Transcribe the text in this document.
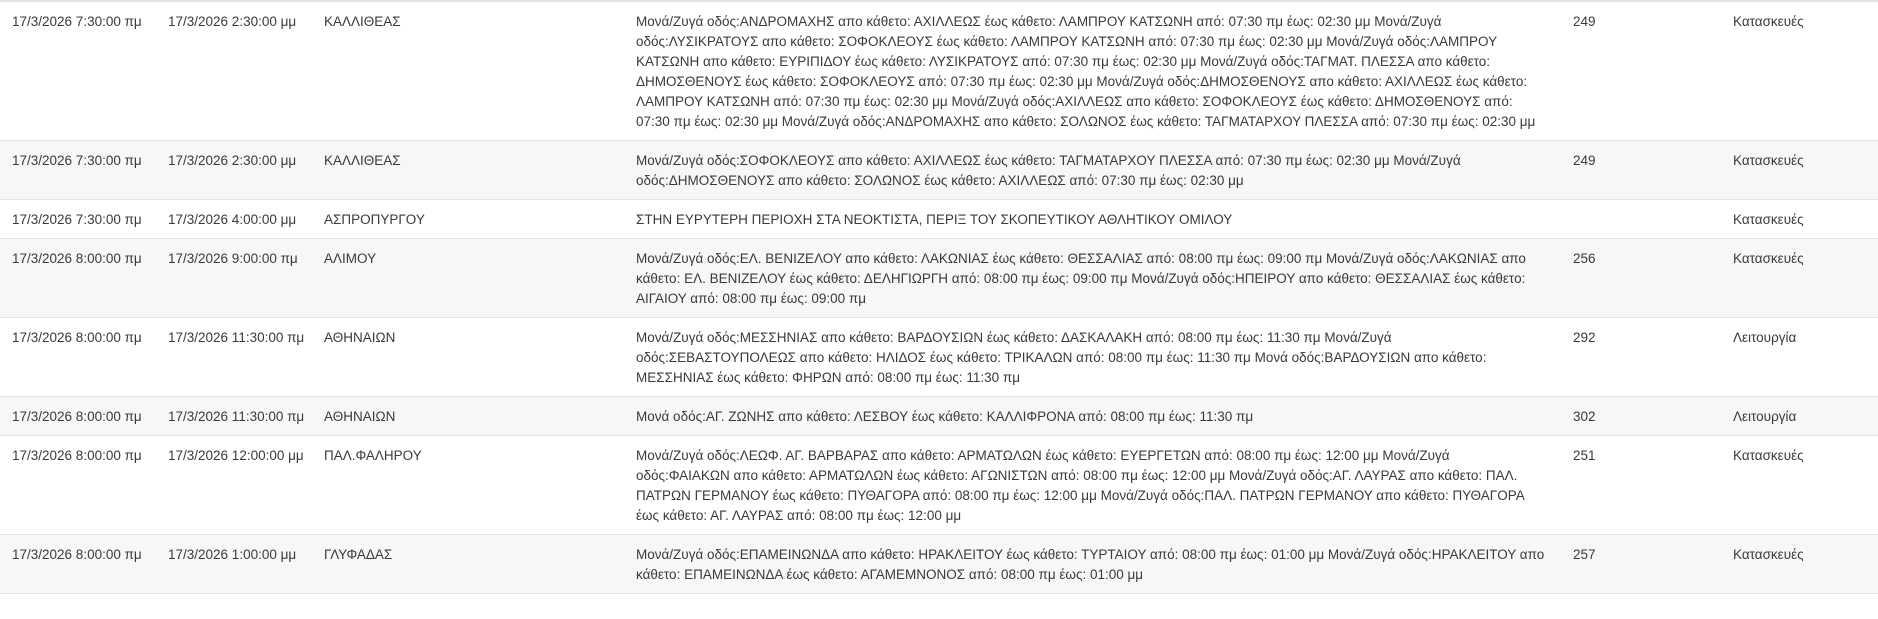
17/3/2026 7:30:00 πμ	17/3/2026 2:30:00 μμ	ΚΑΛΛΙΘΕΑΣ	Μονά/Ζυγά οδός:ΑΝΔΡΟΜΑΧΗΣ απο κάθετο: ΑΧΙΛΛΕΩΣ έως κάθετο: ΛΑΜΠΡΟΥ ΚΑΤΣΩΝΗ από: 07:30 πμ έως: 02:30 μμ Μονά/Ζυγά οδός:ΛΥΣΙΚΡΑΤΟΥΣ απο κάθετο: ΣΟΦΟΚΛΕΟΥΣ έως κάθετο: ΛΑΜΠΡΟΥ ΚΑΤΣΩΝΗ από: 07:30 πμ έως: 02:30 μμ Μονά/Ζυγά οδός:ΛΑΜΠΡΟΥ ΚΑΤΣΩΝΗ απο κάθετο: ΕΥΡΙΠΙΔΟΥ έως κάθετο: ΛΥΣΙΚΡΑΤΟΥΣ από: 07:30 πμ έως: 02:30 μμ Μονά/Ζυγά οδός:ΤΑΓΜΑΤ. ΠΛΕΣΣΑ απο κάθετο: ΔΗΜΟΣΘΕΝΟΥΣ έως κάθετο: ΣΟΦΟΚΛΕΟΥΣ από: 07:30 πμ έως: 02:30 μμ Μονά/Ζυγά οδός:ΔΗΜΟΣΘΕΝΟΥΣ απο κάθετο: ΑΧΙΛΛΕΩΣ έως κάθετο: ΛΑΜΠΡΟΥ ΚΑΤΣΩΝΗ από: 07:30 πμ έως: 02:30 μμ Μονά/Ζυγά οδός:ΑΧΙΛΛΕΩΣ απο κάθετο: ΣΟΦΟΚΛΕΟΥΣ έως κάθετο: ΔΗΜΟΣΘΕΝΟΥΣ από: 07:30 πμ έως: 02:30 μμ Μονά/Ζυγά οδός:ΑΝΔΡΟΜΑΧΗΣ απο κάθετο: ΣΟΛΩΝΟΣ έως κάθετο: ΤΑΓΜΑΤΑΡΧΟΥ ΠΛΕΣΣΑ από: 07:30 πμ έως: 02:30 μμ	249	Κατασκευές
17/3/2026 7:30:00 πμ	17/3/2026 2:30:00 μμ	ΚΑΛΛΙΘΕΑΣ	Μονά/Ζυγά οδός:ΣΟΦΟΚΛΕΟΥΣ απο κάθετο: ΑΧΙΛΛΕΩΣ έως κάθετο: ΤΑΓΜΑΤΑΡΧΟΥ ΠΛΕΣΣΑ από: 07:30 πμ έως: 02:30 μμ Μονά/Ζυγά οδός:ΔΗΜΟΣΘΕΝΟΥΣ απο κάθετο: ΣΟΛΩΝΟΣ έως κάθετο: ΑΧΙΛΛΕΩΣ από: 07:30 πμ έως: 02:30 μμ	249	Κατασκευές
17/3/2026 7:30:00 πμ	17/3/2026 4:00:00 μμ	ΑΣΠΡΟΠΥΡΓΟΥ	ΣΤΗΝ ΕΥΡΥΤΕΡΗ ΠΕΡΙΟΧΗ ΣΤΑ ΝΕΟΚΤΙΣΤΑ, ΠΕΡΙΞ ΤΟΥ ΣΚΟΠΕΥΤΙΚΟΥ ΑΘΛΗΤΙΚΟΥ ΟΜΙΛΟΥ		Κατασκευές
17/3/2026 8:00:00 πμ	17/3/2026 9:00:00 πμ	ΑΛΙΜΟΥ	Μονά/Ζυγά οδός:ΕΛ. ΒΕΝΙΖΕΛΟΥ απο κάθετο: ΛΑΚΩΝΙΑΣ έως κάθετο: ΘΕΣΣΑΛΙΑΣ από: 08:00 πμ έως: 09:00 πμ Μονά/Ζυγά οδός:ΛΑΚΩΝΙΑΣ απο κάθετο: ΕΛ. ΒΕΝΙΖΕΛΟΥ έως κάθετο: ΔΕΛΗΓΙΩΡΓΗ από: 08:00 πμ έως: 09:00 πμ Μονά/Ζυγά οδός:ΗΠΕΙΡΟΥ απο κάθετο: ΘΕΣΣΑΛΙΑΣ έως κάθετο: ΑΙΓΑΙΟΥ από: 08:00 πμ έως: 09:00 πμ	256	Κατασκευές
17/3/2026 8:00:00 πμ	17/3/2026 11:30:00 πμ	ΑΘΗΝΑΙΩΝ	Μονά/Ζυγά οδός:ΜΕΣΣΗΝΙΑΣ απο κάθετο: ΒΑΡΔΟΥΣΙΩΝ έως κάθετο: ΔΑΣΚΑΛΑΚΗ από: 08:00 πμ έως: 11:30 πμ Μονά/Ζυγά οδός:ΣΕΒΑΣΤΟΥΠΟΛΕΩΣ απο κάθετο: ΗΛΙΔΟΣ έως κάθετο: ΤΡΙΚΑΛΩΝ από: 08:00 πμ έως: 11:30 πμ Μονά οδός:ΒΑΡΔΟΥΣΙΩΝ απο κάθετο: ΜΕΣΣΗΝΙΑΣ έως κάθετο: ΦΗΡΩΝ από: 08:00 πμ έως: 11:30 πμ	292	Λειτουργία
17/3/2026 8:00:00 πμ	17/3/2026 11:30:00 πμ	ΑΘΗΝΑΙΩΝ	Μονά οδός:ΑΓ. ΖΩΝΗΣ απο κάθετο: ΛΕΣΒΟΥ έως κάθετο: ΚΑΛΛΙΦΡΟΝΑ από: 08:00 πμ έως: 11:30 πμ	302	Λειτουργία
17/3/2026 8:00:00 πμ	17/3/2026 12:00:00 μμ	ΠΑΛ.ΦΑΛΗΡΟΥ	Μονά/Ζυγά οδός:ΛΕΩΦ. ΑΓ. ΒΑΡΒΑΡΑΣ απο κάθετο: ΑΡΜΑΤΩΛΩΝ έως κάθετο: ΕΥΕΡΓΕΤΩΝ από: 08:00 πμ έως: 12:00 μμ Μονά/Ζυγά οδός:ΦΑΙΑΚΩΝ απο κάθετο: ΑΡΜΑΤΩΛΩΝ έως κάθετο: ΑΓΩΝΙΣΤΩΝ από: 08:00 πμ έως: 12:00 μμ Μονά/Ζυγά οδός:ΑΓ. ΛΑΥΡΑΣ απο κάθετο: ΠΑΛ. ΠΑΤΡΩΝ ΓΕΡΜΑΝΟΥ έως κάθετο: ΠΥΘΑΓΟΡΑ από: 08:00 πμ έως: 12:00 μμ Μονά/Ζυγά οδός:ΠΑΛ. ΠΑΤΡΩΝ ΓΕΡΜΑΝΟΥ απο κάθετο: ΠΥΘΑΓΟΡΑ έως κάθετο: ΑΓ. ΛΑΥΡΑΣ από: 08:00 πμ έως: 12:00 μμ	251	Κατασκευές
17/3/2026 8:00:00 πμ	17/3/2026 1:00:00 μμ	ΓΛΥΦΑΔΑΣ	Μονά/Ζυγά οδός:ΕΠΑΜΕΙΝΩΝΔΑ απο κάθετο: ΗΡΑΚΛΕΙΤΟΥ έως κάθετο: ΤΥΡΤΑΙΟΥ από: 08:00 πμ έως: 01:00 μμ Μονά/Ζυγά οδός:ΗΡΑΚΛΕΙΤΟΥ απο κάθετο: ΕΠΑΜΕΙΝΩΝΔΑ έως κάθετο: ΑΓΑΜΕΜΝΟΝΟΣ από: 08:00 πμ έως: 01:00 μμ	257	Κατασκευές
